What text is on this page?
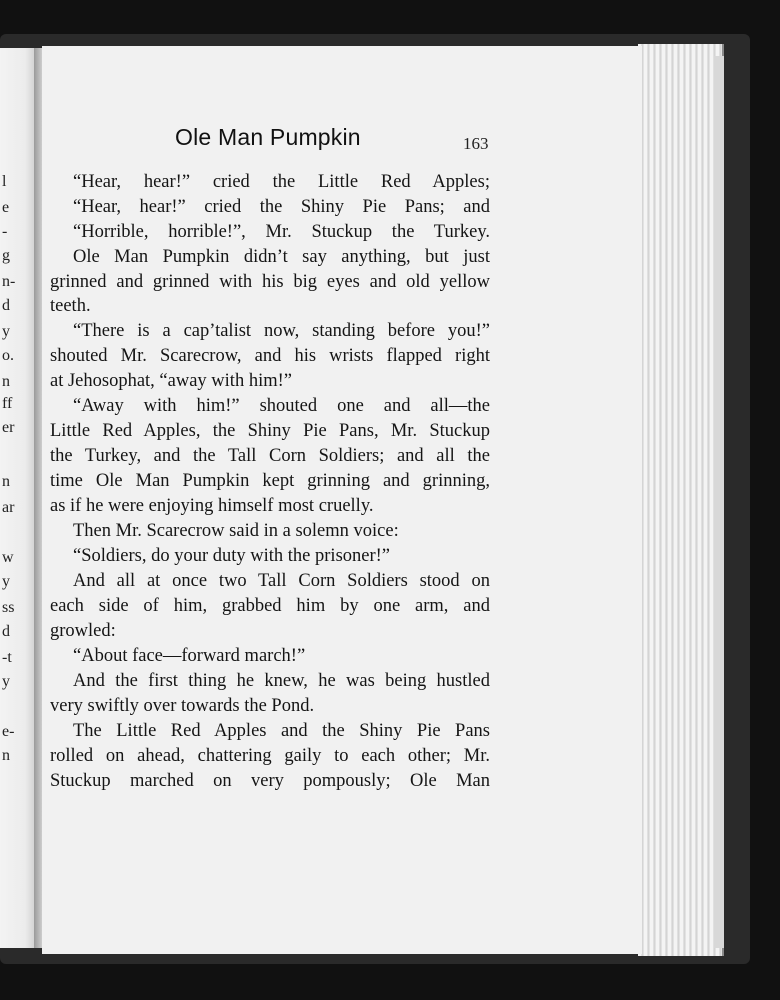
l
e
-
g
n-
d
y
o.
n
ff
er
n
ar
w
y
ss
d
-t
y
e-
n
Ole Man Pumpkin	163
“Hear, hear!” cried the Little Red Apples;
“Hear, hear!” cried the Shiny Pie Pans; and
“Horrible, horrible!”, Mr. Stuckup the Turkey.
Ole Man Pumpkin didn’t say anything, but just
grinned and grinned with his big eyes and old yellow
teeth.
“There is a cap’talist now, standing before you!”
shouted Mr. Scarecrow, and his wrists flapped right
at Jehosophat, “away with him!”
“Away with him!” shouted one and all—the
Little Red Apples, the Shiny Pie Pans, Mr. Stuckup
the Turkey, and the Tall Corn Soldiers; and all the
time Ole Man Pumpkin kept grinning and grinning,
as if he were enjoying himself most cruelly.
Then Mr. Scarecrow said in a solemn voice:
“Soldiers, do your duty with the prisoner!”
And all at once two Tall Corn Soldiers stood on
each side of him, grabbed him by one arm, and
growled:
“About face—forward march!”
And the first thing he knew, he was being hustled
very swiftly over towards the Pond.
The Little Red Apples and the Shiny Pie Pans
rolled on ahead, chattering gaily to each other; Mr.
Stuckup marched on very pompously; Ole Man
